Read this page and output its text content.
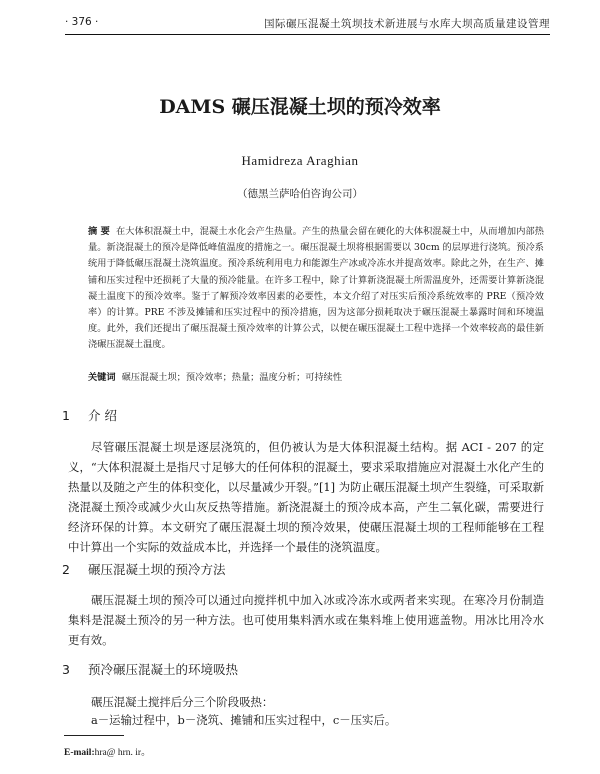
· 376 ·	国际碾压混凝土筑坝技术新进展与水库大坝高质量建设管理
DAMS 碾压混凝土坝的预冷效率
Hamidreza Araghian
（德黑兰萨哈伯咨询公司）

摘 要 在大体积混凝土中，混凝土水化会产生热量。产生的热量会留在硬化的大体积混凝土中，从而增加内部热量。新浇混凝土的预冷是降低峰值温度的措施之一。碾压混凝土坝将根据需要以 30cm 的层厚进行浇筑。预冷系统用于降低碾压混凝土浇筑温度。预冷系统利用电力和能源生产冰或冷冻水并提高效率。除此之外，在生产、摊铺和压实过程中还损耗了大量的预冷能量。在许多工程中，除了计算新浇混凝土所需温度外，还需要计算新浇混凝土温度下的预冷效率。鉴于了解预冷效率因素的必要性，本文介绍了对压实后预冷系统效率的 PRE（预冷效率）的计算。PRE 不涉及摊铺和压实过程中的预冷措施，因为这部分损耗取决于碾压混凝土暴露时间和环境温度。此外，我们还提出了碾压混凝土预冷效率的计算公式，以便在碾压混凝土工程中选择一个效率较高的最佳新浇碾压混凝土温度。

关键词 碾压混凝土坝；预冷效率；热量；温度分析；可持续性

1 介 绍

尽管碾压混凝土坝是逐层浇筑的，但仍被认为是大体积混凝土结构。据 ACI - 207 的定义，“大体积混凝土是指尺寸足够大的任何体积的混凝土，要求采取措施应对混凝土水化产生的热量以及随之产生的体积变化，以尽量减少开裂。”[1] 为防止碾压混凝土坝产生裂缝，可采取新浇混凝土预冷或减少火山灰反热等措施。新浇混凝土的预冷成本高，产生二氧化碳，需要进行经济环保的计算。本文研究了碾压混凝土坝的预冷效果，使碾压混凝土坝的工程师能够在工程中计算出一个实际的效益成本比，并选择一个最佳的浇筑温度。

2 碾压混凝土坝的预冷方法

碾压混凝土坝的预冷可以通过向搅拌机中加入冰或冷冻水或两者来实现。在寒冷月份制造集料是混凝土预冷的另一种方法。也可使用集料洒水或在集料堆上使用遮盖物。用冰比用冷水更有效。

3 预冷碾压混凝土的环境吸热

碾压混凝土搅拌后分三个阶段吸热：

a－运输过程中，b－浇筑、摊铺和压实过程中，c－压实后。

E-mail:hra@ hrn. ir。
